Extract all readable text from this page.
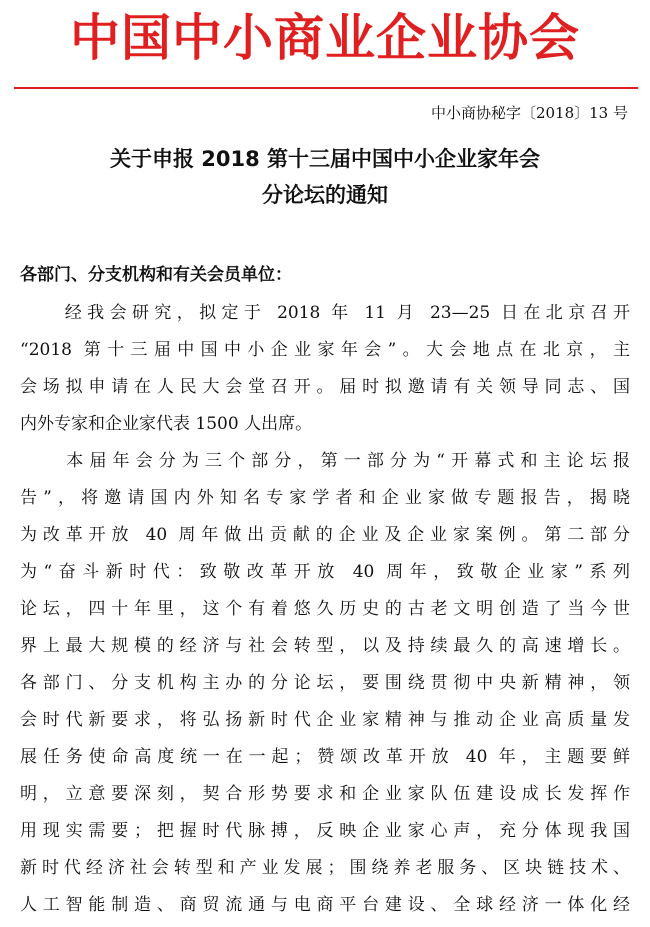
中国中小商业企业协会
中小商协秘字〔2018〕13 号
关于申报 2018 第十三届中国中小企业家年会
分论坛的通知
各部门、分支机构和有关会员单位：
　　经我会研究，拟定于 2018 年 11 月 23—25 日在北京召开
“2018 第十三届中国中小企业家年会”。大会地点在北京，主
会场拟申请在人民大会堂召开。届时拟邀请有关领导同志、国
内外专家和企业家代表 1500 人出席。
　　本届年会分为三个部分，第一部分为“开幕式和主论坛报
告”，将邀请国内外知名专家学者和企业家做专题报告，揭晓
为改革开放 40 周年做出贡献的企业及企业家案例。第二部分
为“奋斗新时代：致敬改革开放 40 周年，致敬企业家”系列
论坛，四十年里，这个有着悠久历史的古老文明创造了当今世
界上最大规模的经济与社会转型，以及持续最久的高速增长。
各部门、分支机构主办的分论坛，要围绕贯彻中央新精神，领
会时代新要求，将弘扬新时代企业家精神与推动企业高质量发
展任务使命高度统一在一起；赞颂改革开放 40 年，主题要鲜
明，立意要深刻，契合形势要求和企业家队伍建设成长发挥作
用现实需要；把握时代脉搏，反映企业家心声，充分体现我国
新时代经济社会转型和产业发展；围绕养老服务、区块链技术、
人工智能制造、商贸流通与电商平台建设、全球经济一体化经
